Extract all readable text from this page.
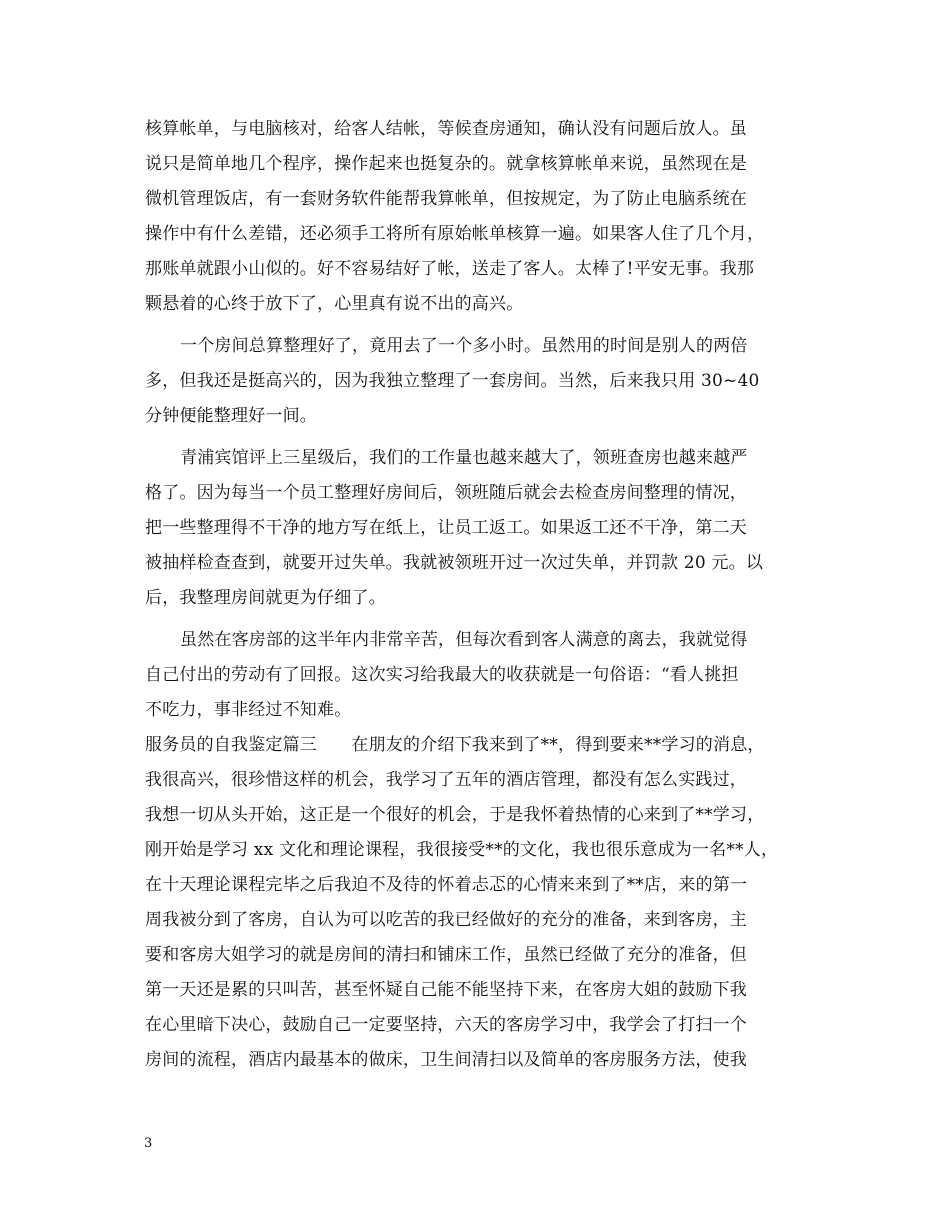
核算帐单，与电脑核对，给客人结帐，等候查房通知，确认没有问题后放人。虽
说只是简单地几个程序，操作起来也挺复杂的。就拿核算帐单来说，虽然现在是
微机管理饭店，有一套财务软件能帮我算帐单，但按规定，为了防止电脑系统在
操作中有什么差错，还必须手工将所有原始帐单核算一遍。如果客人住了几个月，
那账单就跟小山似的。好不容易结好了帐，送走了客人。太棒了!平安无事。我那
颗悬着的心终于放下了，心里真有说不出的高兴。
一个房间总算整理好了，竟用去了一个多小时。虽然用的时间是别人的两倍
多，但我还是挺高兴的，因为我独立整理了一套房间。当然，后来我只用 30~40
分钟便能整理好一间。
青浦宾馆评上三星级后，我们的工作量也越来越大了，领班查房也越来越严
格了。因为每当一个员工整理好房间后，领班随后就会去检查房间整理的情况，
把一些整理得不干净的地方写在纸上，让员工返工。如果返工还不干净，第二天
被抽样检查查到，就要开过失单。我就被领班开过一次过失单，并罚款 20 元。以
后，我整理房间就更为仔细了。
虽然在客房部的这半年内非常辛苦，但每次看到客人满意的离去，我就觉得
自己付出的劳动有了回报。这次实习给我最大的收获就是一句俗语：“看人挑担
不吃力，事非经过不知难。
服务员的自我鉴定篇三　　在朋友的介绍下我来到了**，得到要来**学习的消息，
我很高兴，很珍惜这样的机会，我学习了五年的酒店管理，都没有怎么实践过，
我想一切从头开始，这正是一个很好的机会，于是我怀着热情的心来到了**学习，
刚开始是学习 xx 文化和理论课程，我很接受**的文化，我也很乐意成为一名**人，
在十天理论课程完毕之后我迫不及待的怀着忐忑的心情来来到了**店，来的第一
周我被分到了客房，自认为可以吃苦的我已经做好的充分的准备，来到客房，主
要和客房大姐学习的就是房间的清扫和铺床工作，虽然已经做了充分的准备，但
第一天还是累的只叫苦，甚至怀疑自己能不能坚持下来，在客房大姐的鼓励下我
在心里暗下决心，鼓励自己一定要坚持，六天的客房学习中，我学会了打扫一个
房间的流程，酒店内最基本的做床，卫生间清扫以及简单的客房服务方法，使我
3
